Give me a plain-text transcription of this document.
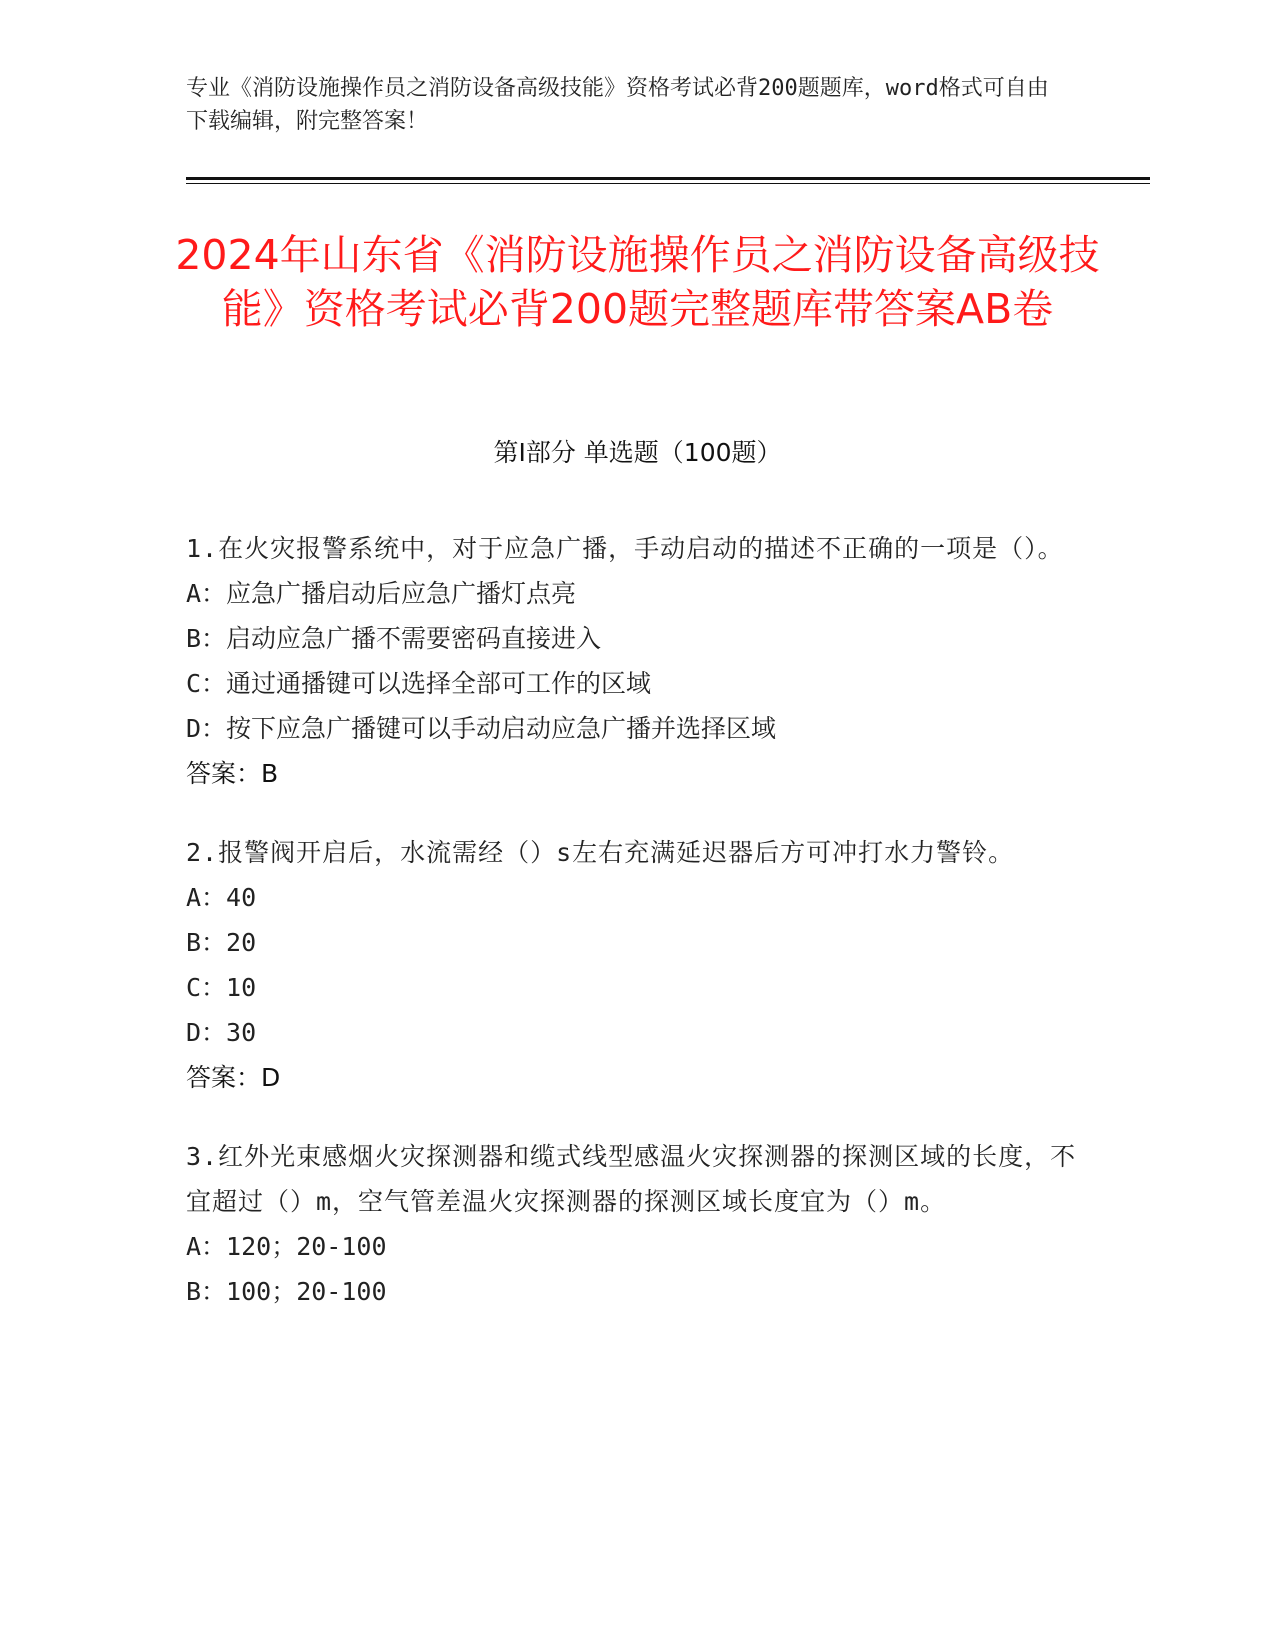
专业《消防设施操作员之消防设备高级技能》资格考试必背200题题库，word格式可自由下载编辑，附完整答案！
2024年山东省《消防设施操作员之消防设备高级技能》资格考试必背200题完整题库带答案AB卷
第Ⅰ部分 单选题（100题）

1.在火灾报警系统中，对于应急广播，手动启动的描述不正确的一项是（）。

A：应急广播启动后应急广播灯点亮

B：启动应急广播不需要密码直接进入

C：通过通播键可以选择全部可工作的区域

D：按下应急广播键可以手动启动应急广播并选择区域

答案：B

2.报警阀开启后，水流需经（）s左右充满延迟器后方可冲打水力警铃。

A：40

B：20

C：10

D：30

答案：D

3.红外光束感烟火灾探测器和缆式线型感温火灾探测器的探测区域的长度，不宜超过（）m，空气管差温火灾探测器的探测区域长度宜为（）m。

A：120；20-100

B：100；20-100
